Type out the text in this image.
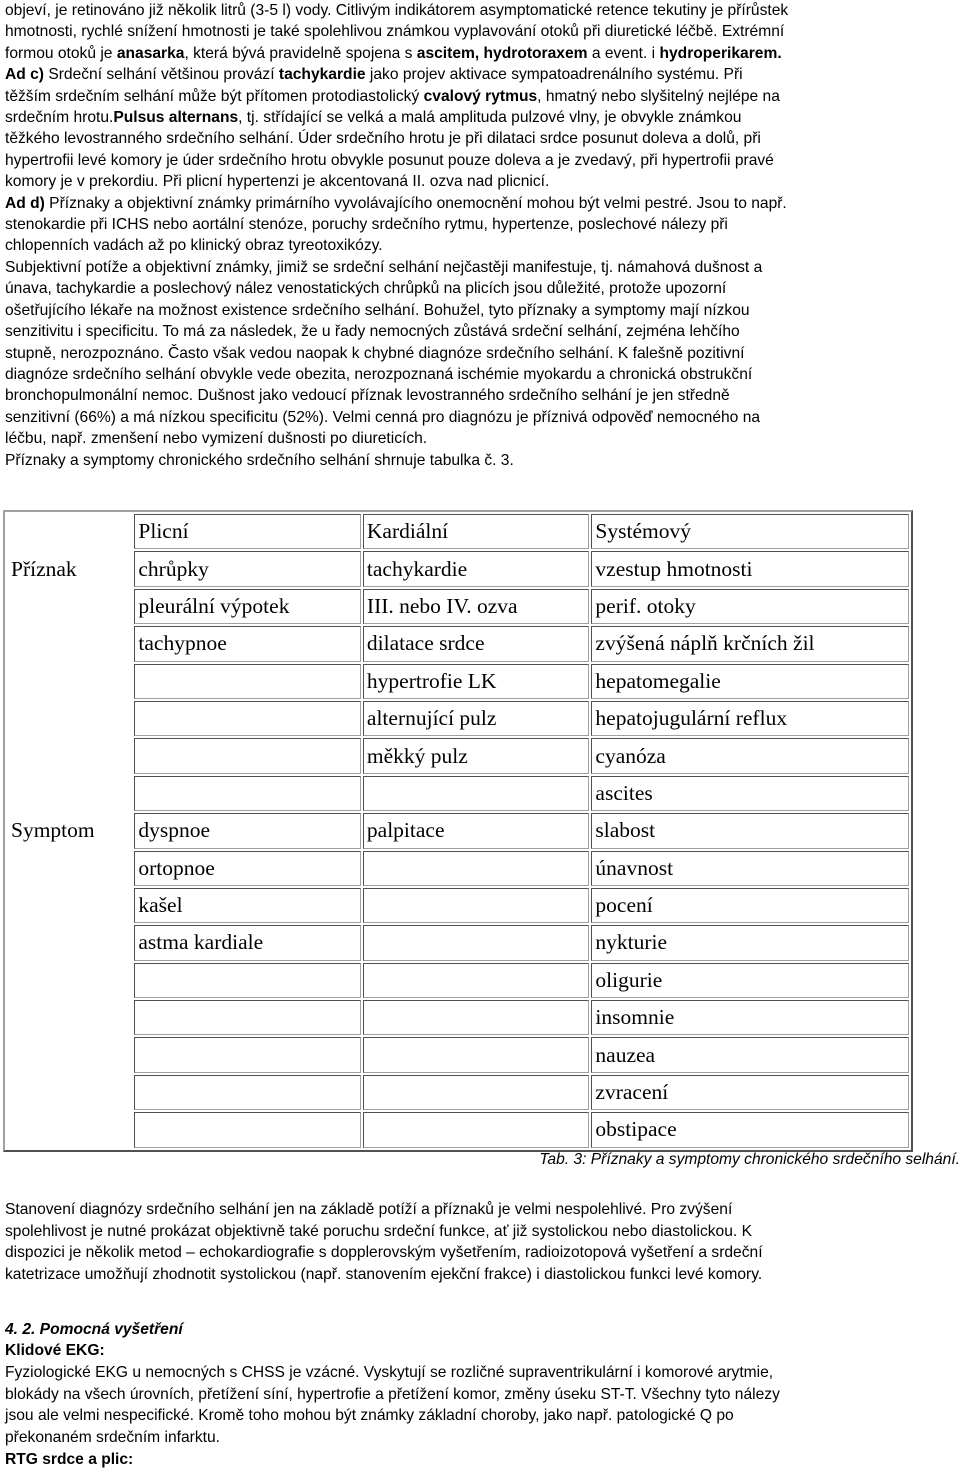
objeví, je retinováno již několik litrů (3-5 l) vody. Citlivým indikátorem asymptomatické retence tekutiny je přírůstek
hmotnosti, rychlé snížení hmotnosti je také spolehlivou známkou vyplavování otoků při diuretické léčbě. Extrémní
formou otoků je anasarka, která bývá pravidelně spojena s ascitem, hydrotoraxem a event. i hydroperikarem.
Ad c) Srdeční selhání většinou provází tachykardie jako projev aktivace sympatoadrenálního systému. Při
těžším srdečním selhání může být přítomen protodiastolický cvalový rytmus, hmatný nebo slyšitelný nejlépe na
srdečním hrotu.Pulsus alternans, tj. střídající se velká a malá amplituda pulzové vlny, je obvykle známkou
těžkého levostranného srdečního selhání. Úder srdečního hrotu je při dilataci srdce posunut doleva a dolů, při
hypertrofii levé komory je úder srdečního hrotu obvykle posunut pouze doleva a je zvedavý, při hypertrofii pravé
komory je v prekordiu. Při plicní hypertenzi je akcentovaná II. ozva nad plicnicí.
Ad d) Příznaky a objektivní známky primárního vyvolávajícího onemocnění mohou být velmi pestré. Jsou to např.
stenokardie při ICHS nebo aortální stenóze, poruchy srdečního rytmu, hypertenze, poslechové nálezy při
chlopenních vadách až po klinický obraz tyreotoxikózy.
Subjektivní potíže a objektivní známky, jimiž se srdeční selhání nejčastěji manifestuje, tj. námahová dušnost a
únava, tachykardie a poslechový nález venostatických chrůpků na plicích jsou důležité, protože upozorní
ošetřujícího lékaře na možnost existence srdečního selhání. Bohužel, tyto příznaky a symptomy mají nízkou
senzitivitu i specificitu. To má za následek, že u řady nemocných zůstává srdeční selhání, zejména lehčího
stupně, nerozpoznáno. Často však vedou naopak k chybné diagnóze srdečního selhání. K falešně pozitivní
diagnóze srdečního selhání obvykle vede obezita, nerozpoznaná ischémie myokardu a chronická obstrukční
bronchopulmonální nemoc. Dušnost jako vedoucí příznak levostranného srdečního selhání je jen středně
senzitivní (66%) a má nízkou specificitu (52%). Velmi cenná pro diagnózu je příznivá odpověď nemocného na
léčbu, např. zmenšení nebo vymizení dušnosti po diureticích.
Příznaky a symptomy chronického srdečního selhání shrnuje tabulka č. 3.
	Plicní	Kardiální	Systémový
Příznak	chrůpky	tachykardie	vzestup hmotnosti
	pleurální výpotek	III. nebo IV. ozva	perif. otoky
	tachypnoe	dilatace srdce	zvýšená náplň krčních žil
		hypertrofie LK	hepatomegalie
		alternující pulz	hepatojugulární reflux
		měkký pulz	cyanóza
			ascites
Symptom	dyspnoe	palpitace	slabost
	ortopnoe		únavnost
	kašel		pocení
	astma kardiale		nykturie
			oligurie
			insomnie
			nauzea
			zvracení
			obstipace
Tab. 3: Příznaky a symptomy chronického srdečního selhání.
Stanovení diagnózy srdečního selhání jen na základě potíží a příznaků je velmi nespolehlivé. Pro zvýšení
spolehlivost je nutné prokázat objektivně také poruchu srdeční funkce, ať již systolickou nebo diastolickou. K
dispozici je několik metod – echokardiografie s dopplerovským vyšetřením, radioizotopová vyšetření a srdeční
katetrizace umožňují zhodnotit systolickou (např. stanovením ejekční frakce) i diastolickou funkci levé komory.
4. 2. Pomocná vyšetření
Klidové EKG:
Fyziologické EKG u nemocných s CHSS je vzácné. Vyskytují se rozličné supraventrikulární i komorové arytmie,
blokády na všech úrovních, přetížení síní, hypertrofie a přetížení komor, změny úseku ST-T. Všechny tyto nálezy
jsou ale velmi nespecifické. Kromě toho mohou být známky základní choroby, jako např. patologické Q po
překonaném srdečním infarktu.
RTG srdce a plic:
